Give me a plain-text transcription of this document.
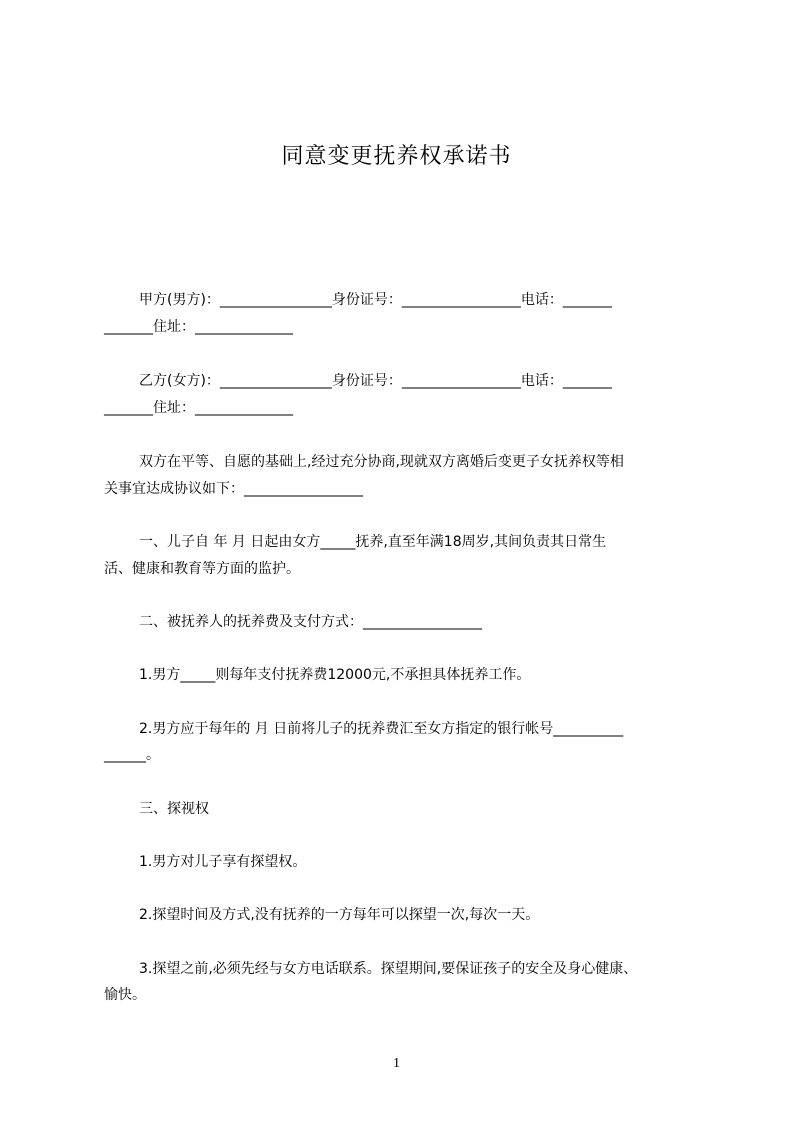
同意变更抚养权承诺书
甲方(男方)：________________身份证号：_________________电话：_______
_______住址：______________
乙方(女方)：________________身份证号：_________________电话：_______
_______住址：______________
双方在平等、自愿的基础上,经过充分协商,现就双方离婚后变更子女抚养权等相
关事宜达成协议如下：_________________
一、儿子自 年 月 日起由女方_____抚养,直至年满18周岁,其间负责其日常生
活、健康和教育等方面的监护。
二、被抚养人的抚养费及支付方式：_________________
1.男方_____则每年支付抚养费12000元,不承担具体抚养工作。
2.男方应于每年的 月 日前将儿子的抚养费汇至女方指定的银行帐号__________
______。
三、探视权
1.男方对儿子享有探望权。
2.探望时间及方式,没有抚养的一方每年可以探望一次,每次一天。
3.探望之前,必须先经与女方电话联系。探望期间,要保证孩子的安全及身心健康、
愉快。
1
